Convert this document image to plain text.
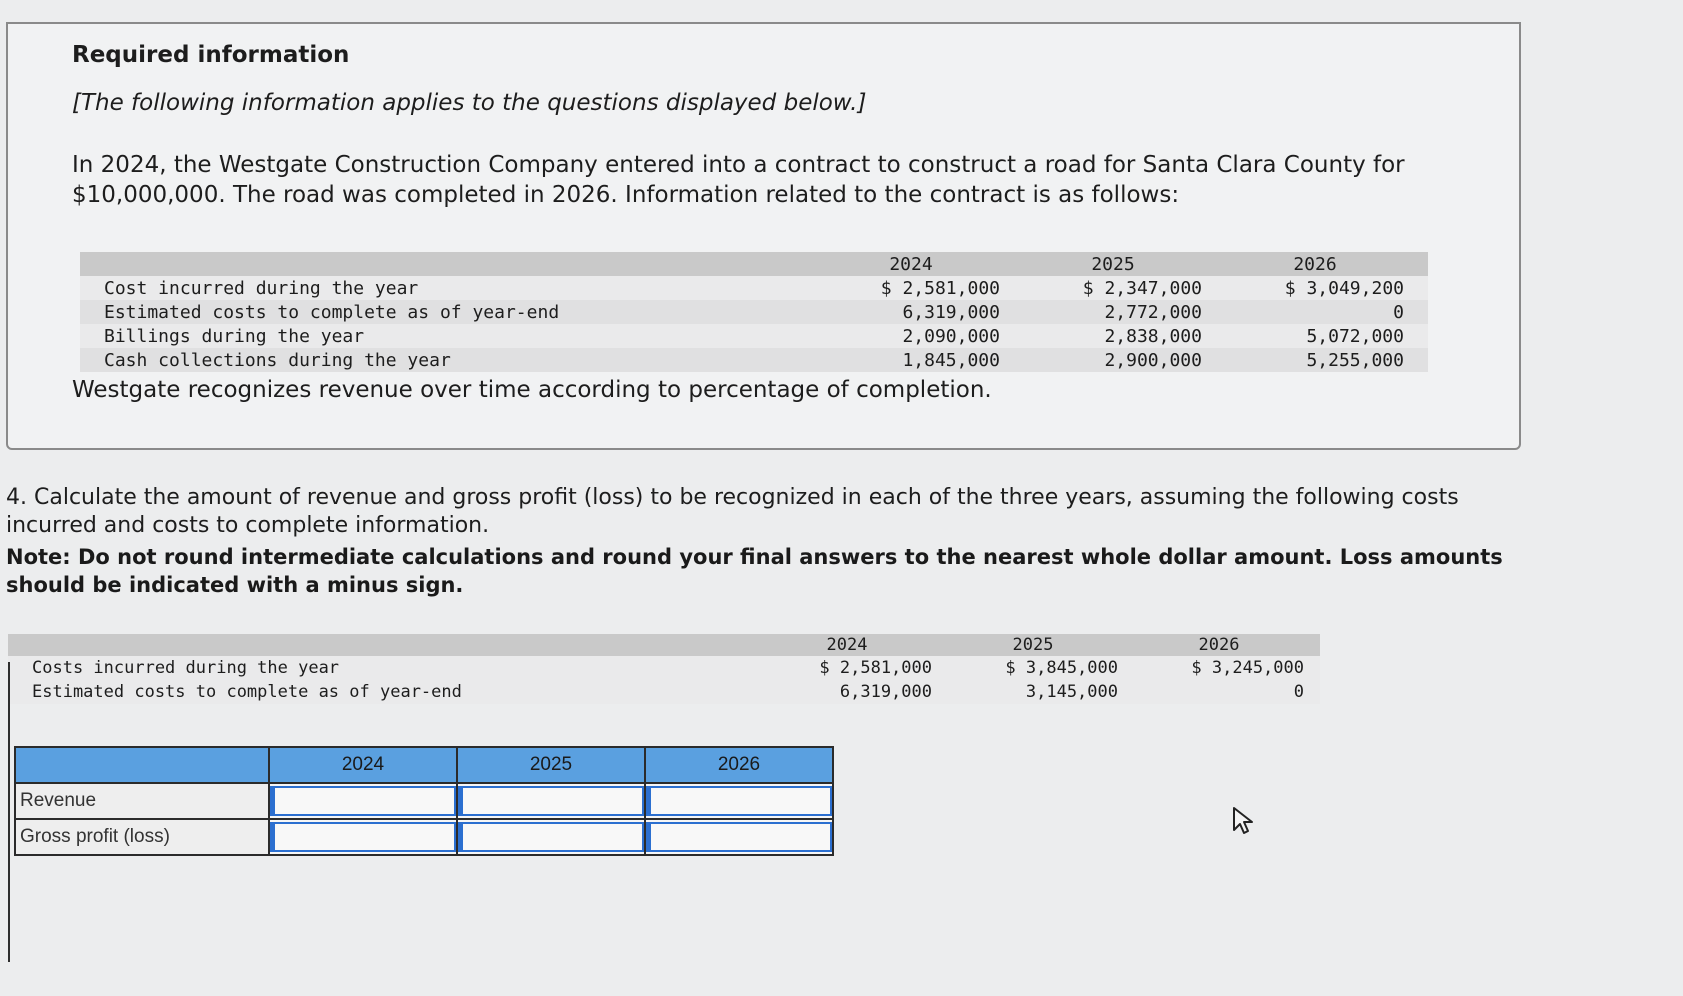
Required information
[The following information applies to the questions displayed below.]
In 2024, the Westgate Construction Company entered into a contract to construct a road for Santa Clara County for $10,000,000. The road was completed in 2026. Information related to the contract is as follows:
	2024	2025	2026
Cost incurred during the year	$ 2,581,000	$ 2,347,000	$ 3,049,200
Estimated costs to complete as of year-end	6,319,000	2,772,000	0
Billings during the year	2,090,000	2,838,000	5,072,000
Cash collections during the year	1,845,000	2,900,000	5,255,000
Westgate recognizes revenue over time according to percentage of completion.
4. Calculate the amount of revenue and gross profit (loss) to be recognized in each of the three years, assuming the following costs incurred and costs to complete information.
Note: Do not round intermediate calculations and round your final answers to the nearest whole dollar amount. Loss amounts should be indicated with a minus sign.
	2024	2025	2026
Costs incurred during the year	$ 2,581,000	$ 3,845,000	$ 3,245,000
Estimated costs to complete as of year-end	6,319,000	3,145,000	0
	2024	2025	2026
Revenue			
Gross profit (loss)			
